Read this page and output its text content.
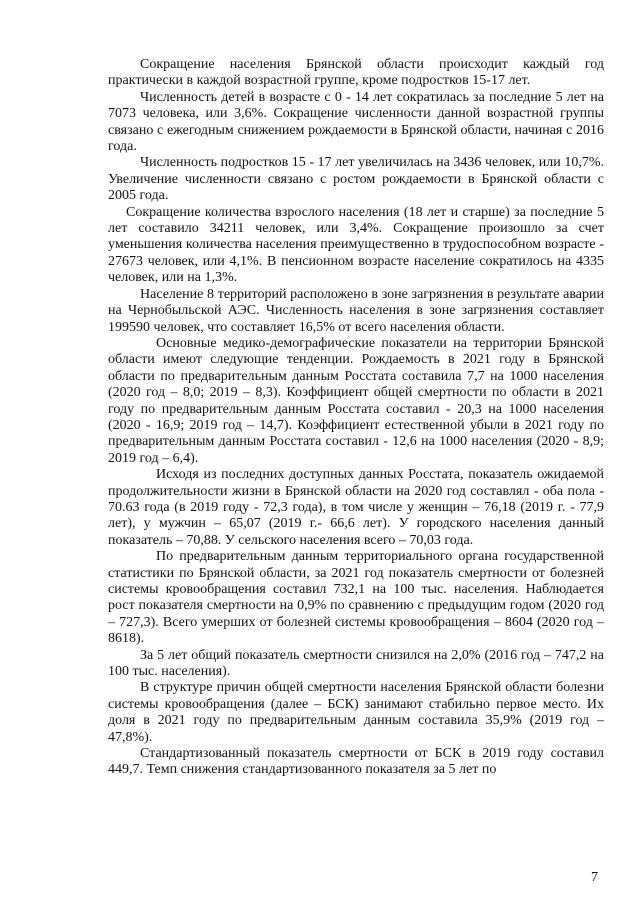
Сокращение населения Брянской области происходит каждый год практически в каждой возрастной группе, кроме подростков 15-17 лет.

Численность детей в возрасте с 0 - 14 лет сократилась за последние 5 лет на 7073 человека, или 3,6%. Сокращение численности данной возрастной группы связано с ежегодным снижением рождаемости в Брянской области, начиная с 2016 года.

Численность подростков 15 - 17 лет увеличилась на 3436 человек, или 10,7%. Увеличение численности связано с ростом рождаемости в Брянской области с 2005 года.

Сокращение количества взрослого населения (18 лет и старше) за последние 5 лет составило 34211 человек, или 3,4%. Сокращение произошло за счет уменьшения количества населения преимущественно в трудоспособном возрасте - 27673 человек, или 4,1%. В пенсионном возрасте население сократилось на 4335 человек, или на 1,3%.

Население 8 территорий расположено в зоне загрязнения в результате аварии на Чернобыльской АЭС. Численность населения в зоне загрязнения составляет 199590 человек, что составляет 16,5% от всего населения области.

Основные медико-демографические показатели на территории Брянской области имеют следующие тенденции. Рождаемость в 2021 году в Брянской области по предварительным данным Росстата составила 7,7 на 1000 населения (2020 год – 8,0; 2019 – 8,3). Коэффициент общей смертности по области в 2021 году по предварительным данным Росстата составил - 20,3 на 1000 населения (2020 - 16,9; 2019 год – 14,7). Коэффициент естественной убыли в 2021 году по предварительным данным Росстата составил - 12,6 на 1000 населения (2020 - 8,9; 2019 год – 6,4).

Исходя из последних доступных данных Росстата, показатель ожидаемой продолжительности жизни в Брянской области на 2020 год составлял - оба пола - 70.63 года (в 2019 году - 72,3 года), в том числе у женщин – 76,18 (2019 г. - 77,9 лет), у мужчин – 65,07 (2019 г.- 66,6 лет). У городского населения данный показатель – 70,88. У сельского населения всего – 70,03 года.

По предварительным данным территориального органа государственной статистики по Брянской области, за 2021 год показатель смертности от болезней системы кровообращения составил 732,1 на 100 тыс. населения. Наблюдается рост показателя смертности на 0,9% по сравнению с предыдущим годом (2020 год – 727,3). Всего умерших от болезней системы кровообращения – 8604 (2020 год – 8618).

За 5 лет общий показатель смертности снизился на 2,0% (2016 год – 747,2 на 100 тыс. населения).

В структуре причин общей смертности населения Брянской области болезни системы кровообращения (далее – БСК) занимают стабильно первое место. Их доля в 2021 году по предварительным данным составила 35,9% (2019 год – 47,8%).

Стандартизованный показатель смертности от БСК в 2019 году составил 449,7. Темп снижения стандартизованного показателя за 5 лет по

7
